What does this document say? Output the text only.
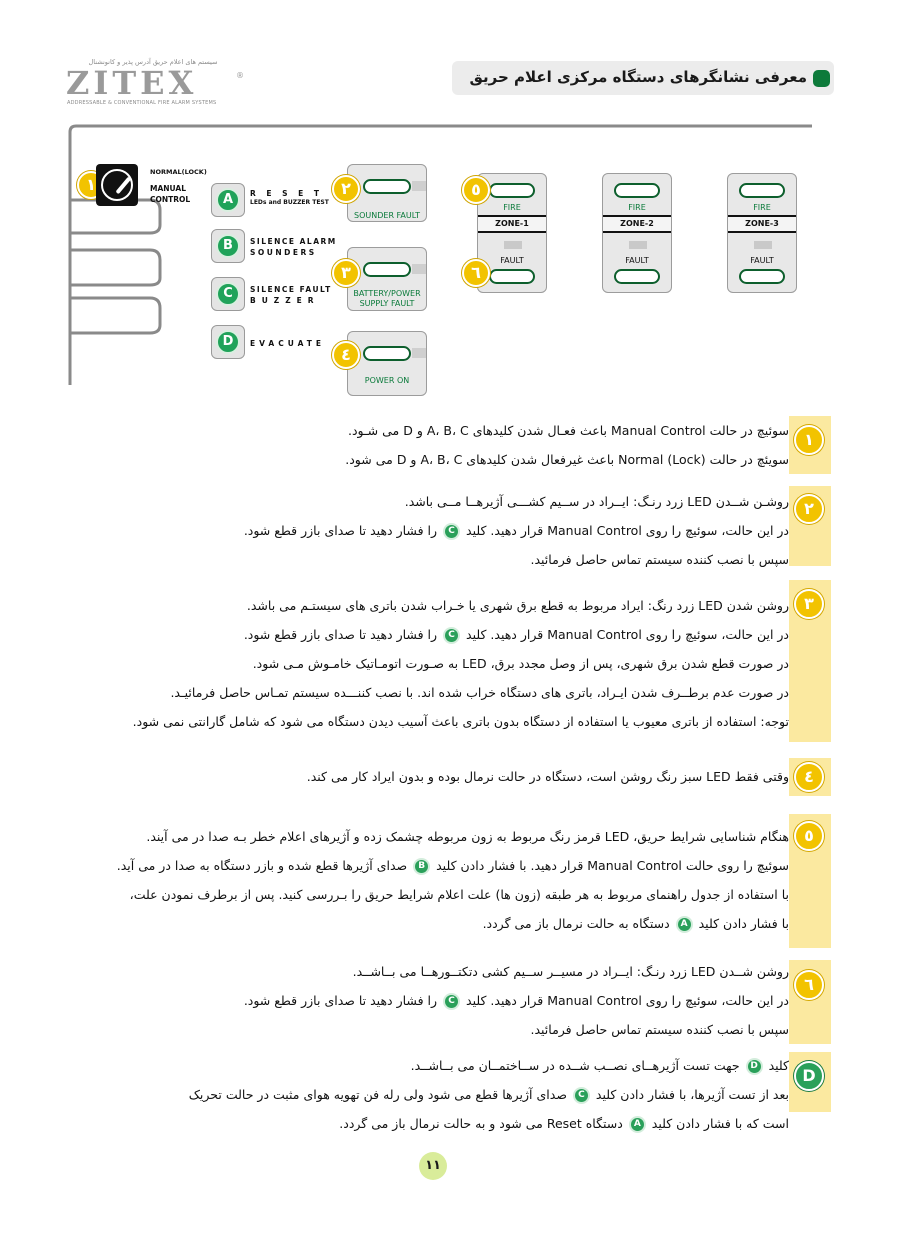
سیستم های اعلام حریق آدرس پذیر و کانونشنال
ZITEX	®
ADDRESSABLE & CONVENTIONAL FIRE ALARM SYSTEMS
معرفی نشانگرهای دستگاه مرکزی اعلام حریق
١
NORMAL(LOCK)
MANUAL
CONTROL	A	R E S E T
LEDs and BUZZER TEST
B	SILENCE ALARM
SOUNDERS
C	SILENCE FAULT
BUZZER
D	EVACUATE
SOUNDER FAULT
٢
BATTERY/POWER
SUPPLY FAULT
٣
POWER ON
٤
FIRE
ZONE-1
FAULT
٥
٦
FIRE
ZONE-2
FAULT
FIRE
ZONE-3
FAULT
١
سوئیچ در حالت Manual Control باعث فعـال شدن کلیدهای A، B، C و D می شـود.
سویئچ در حالت (Normal (Lock باعث غیرفعال شدن کلیدهای A، B، C و D می شود.
٢
روشـن شــدن LED زرد رنـگ: ایــراد در ســیم کشـــی آژیرهــا مــی باشد.
در این حالت، سوئیچ را روی Manual Control قرار دهید. کلید C را فشار دهید تا صدای بازر قطع شود.
سپس با نصب کننده سیستم تماس حاصل فرمائید.
٣
روشن شدن LED زرد رنگ: ایراد مربوط به قطع برق شهری یا خـراب شدن باتری های سیستـم می باشد.
در این حالت، سوئیچ را روی Manual Control قرار دهید. کلید C را فشار دهید تا صدای بازر قطع شود.
در صورت قطع شدن برق شهری، پس از وصل مجدد برق، LED به صـورت اتومـاتیک خامـوش مـی شود.
در صورت عدم برطــرف شدن ایـراد، باتری های دستگاه خراب شده اند. با نصب کننـــده سیستم تمـاس حاصل فرمائیـد.
توجه: استفاده از باتری معیوب یا استفاده از دستگاه بدون باتری باعث آسیب دیدن دستگاه می شود که شامل گارانتی نمی شود.
٤
وقتی فقط LED سبز رنگ روشن است، دستگاه در حالت نرمال بوده و بدون ایراد کار می کند.
٥
هنگام شناسایی شرایط حریق، LED قرمز رنگ مربوط به زون مربوطه چشمک زده و آژیرهای اعلام خطر بـه صدا در می آیند.
سوئیچ را روی حالت Manual Control قرار دهید. با فشار دادن کلید B صدای آژیرها قطع شده و بازر دستگاه به صدا در می آید.
با استفاده از جدول راهنمای مربوط به هر طبقه (زون ها) علت اعلام شرایط حریق را بـررسی کنید. پس از برطرف نمودن علت،
با فشار دادن کلید A دستگاه به حالت نرمال باز می گردد.
٦
روشن شــدن LED زرد رنـگ: ایــراد در مسیــر ســیم کشی دتکتــورهــا می بــاشــد.
در این حالت، سوئیچ را روی Manual Control قرار دهید. کلید C را فشار دهید تا صدای بازر قطع شود.
سپس با نصب کننده سیستم تماس حاصل فرمائید.
D
کلید D جهت تست آژیرهــای نصــب شــده در ســاختمــان می بــاشــد.
بعد از تست آژیرها، با فشار دادن کلید C صدای آژیرها قطع می شود ولی رله فن تهویه هوای مثبت در حالت تحریک
است که با فشار دادن کلید A دستگاه Reset می شود و به حالت نرمال باز می گردد.
١١
